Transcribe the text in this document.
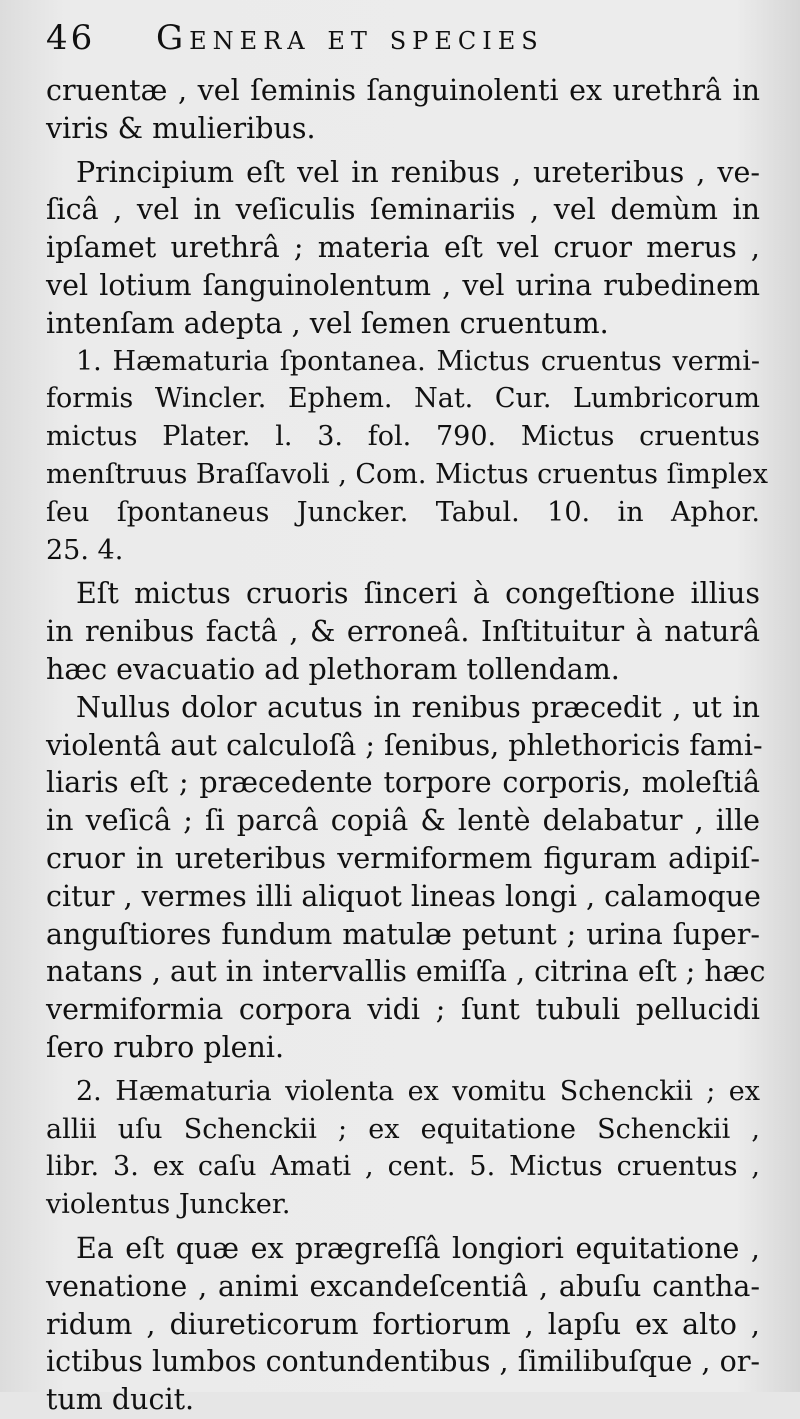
46	Genera et species
cruentæ , vel ſeminis ſanguinolenti ex urethrâ in
viris & mulieribus.
Principium eſt vel in renibus , ureteribus , ve-
ſicâ , vel in veſiculis ſeminariis , vel demùm in
ipſamet urethrâ ; materia eſt vel cruor merus ,
vel lotium ſanguinolentum , vel urina rubedinem
intenſam adepta , vel ſemen cruentum.
1. Hæmaturia ſpontanea. Mictus cruentus vermi-
formis Wincler. Ephem. Nat. Cur. Lumbricorum
mictus Plater. l. 3. fol. 790. Mictus cruentus
menſtruus Braſſavoli , Com. Mictus cruentus ſimplex
ſeu ſpontaneus Juncker. Tabul. 10. in Aphor.
25. 4.
Eſt mictus cruoris ſinceri à congeſtione illius
in renibus factâ , & erroneâ. Inſtituitur à naturâ
hæc evacuatio ad plethoram tollendam.
Nullus dolor acutus in renibus præcedit , ut in
violentâ aut calculoſâ ; ſenibus, phlethoricis fami-
liaris eſt ; præcedente torpore corporis, moleſtiâ
in veſicâ ; ſi parcâ copiâ & lentè delabatur , ille
cruor in ureteribus vermiformem figuram adipiſ-
citur , vermes illi aliquot lineas longi , calamoque
anguſtiores fundum matulæ petunt ; urina ſuper-
natans , aut in intervallis emiſſa , citrina eſt ; hæc
vermiformia corpora vidi ; ſunt tubuli pellucidi
ſero rubro pleni.
2. Hæmaturia violenta ex vomitu Schenckii ; ex
allii uſu Schenckii ; ex equitatione Schenckii ,
libr. 3. ex caſu Amati , cent. 5. Mictus cruentus ,
violentus Juncker.
Ea eſt quæ ex prægreſſâ longiori equitatione ,
venatione , animi excandeſcentiâ , abuſu cantha-
ridum , diureticorum fortiorum , lapſu ex alto ,
ictibus lumbos contundentibus , ſimilibuſque , or-
tum ducit.
